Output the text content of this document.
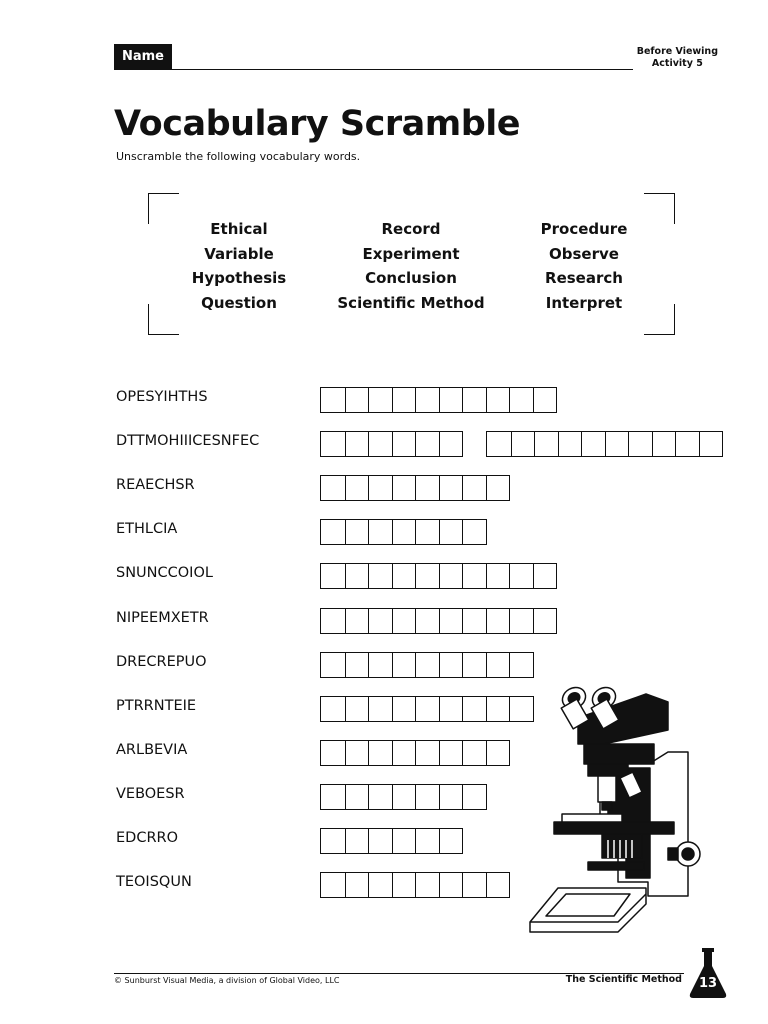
Name	Before Viewing
Activity 5
Vocabulary Scramble
Unscramble the following vocabulary words.
Ethical
Variable
Hypothesis
Question
Record
Experiment
Conclusion
Scientific Method
Procedure
Observe
Research
Interpret
OPESYIHTHS
DTTMOHIIICESNFEC
REAECHSR
ETHLCIA
SNUNCCOIOL
NIPEEMXETR
DRECREPUO
PTRRNTEIE
ARLBEVIA
VEBOESR
EDCRRO
TEOISQUN
© Sunburst Visual Media, a division of Global Video, LLC	The Scientific Method 13
